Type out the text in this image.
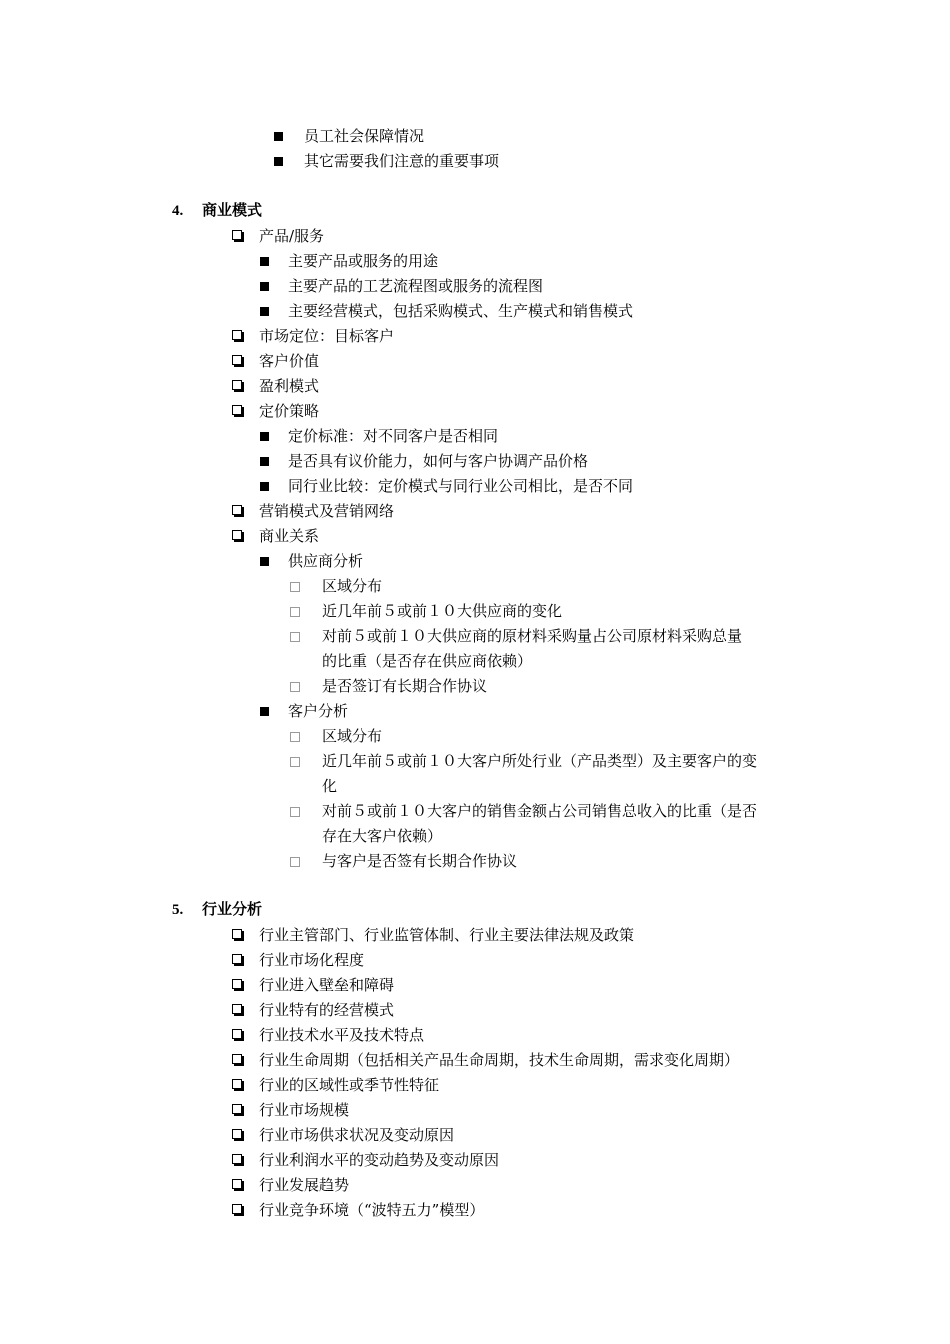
员工社会保障情况
其它需要我们注意的重要事项
4. 商业模式
产品/服务
主要产品或服务的用途
主要产品的工艺流程图或服务的流程图
主要经营模式，包括采购模式、生产模式和销售模式
市场定位：目标客户
客户价值
盈利模式
定价策略
定价标准：对不同客户是否相同
是否具有议价能力，如何与客户协调产品价格
同行业比较：定价模式与同行业公司相比，是否不同
营销模式及营销网络
商业关系
供应商分析
区域分布
近几年前５或前１０大供应商的变化
对前５或前１０大供应商的原材料采购量占公司原材料采购总量
的比重（是否存在供应商依赖）
是否签订有长期合作协议
客户分析
区域分布
近几年前５或前１０大客户所处行业（产品类型）及主要客户的变
化
对前５或前１０大客户的销售金额占公司销售总收入的比重（是否
存在大客户依赖）
与客户是否签有长期合作协议
5. 行业分析
行业主管部门、行业监管体制、行业主要法律法规及政策
行业市场化程度
行业进入壁垒和障碍
行业特有的经营模式
行业技术水平及技术特点
行业生命周期（包括相关产品生命周期，技术生命周期，需求变化周期）
行业的区域性或季节性特征
行业市场规模
行业市场供求状况及变动原因
行业利润水平的变动趋势及变动原因
行业发展趋势
行业竞争环境（“波特五力”模型）
